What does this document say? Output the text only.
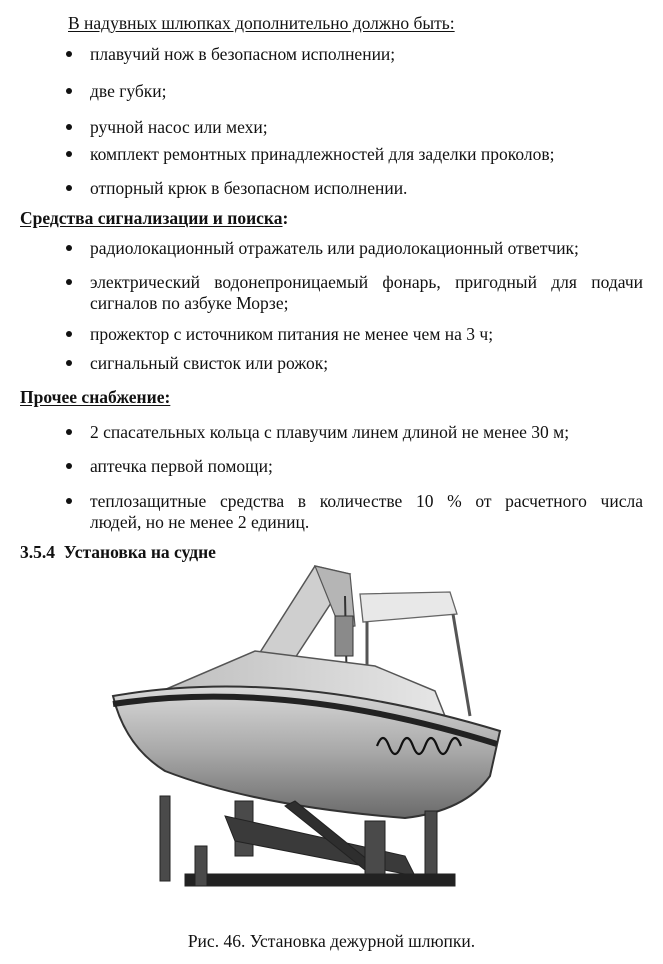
В надувных шлюпках дополнительно должно быть:
плавучий нож в безопасном исполнении;
две губки;
ручной насос или мехи;
комплект ремонтных принадлежностей для заделки проколов;
отпорный крюк в безопасном исполнении.
Средства сигнализации и поиска:
радиолокационный отражатель или радиолокационный ответчик;
электрический водонепроницаемый фонарь, пригодный для подачи
сигналов по азбуке Морзе;
прожектор с источником питания не менее чем на 3 ч;
сигнальный свисток или рожок;
Прочее снабжение:
2 спасательных кольца с плавучим линем длиной не менее 30 м;
аптечка первой помощи;
теплозащитные средства в количестве 10 % от расчетного числа
людей, но не менее 2 единиц.
3.5.4 Установка на судне
Рис. 46. Установка дежурной шлюпки.
